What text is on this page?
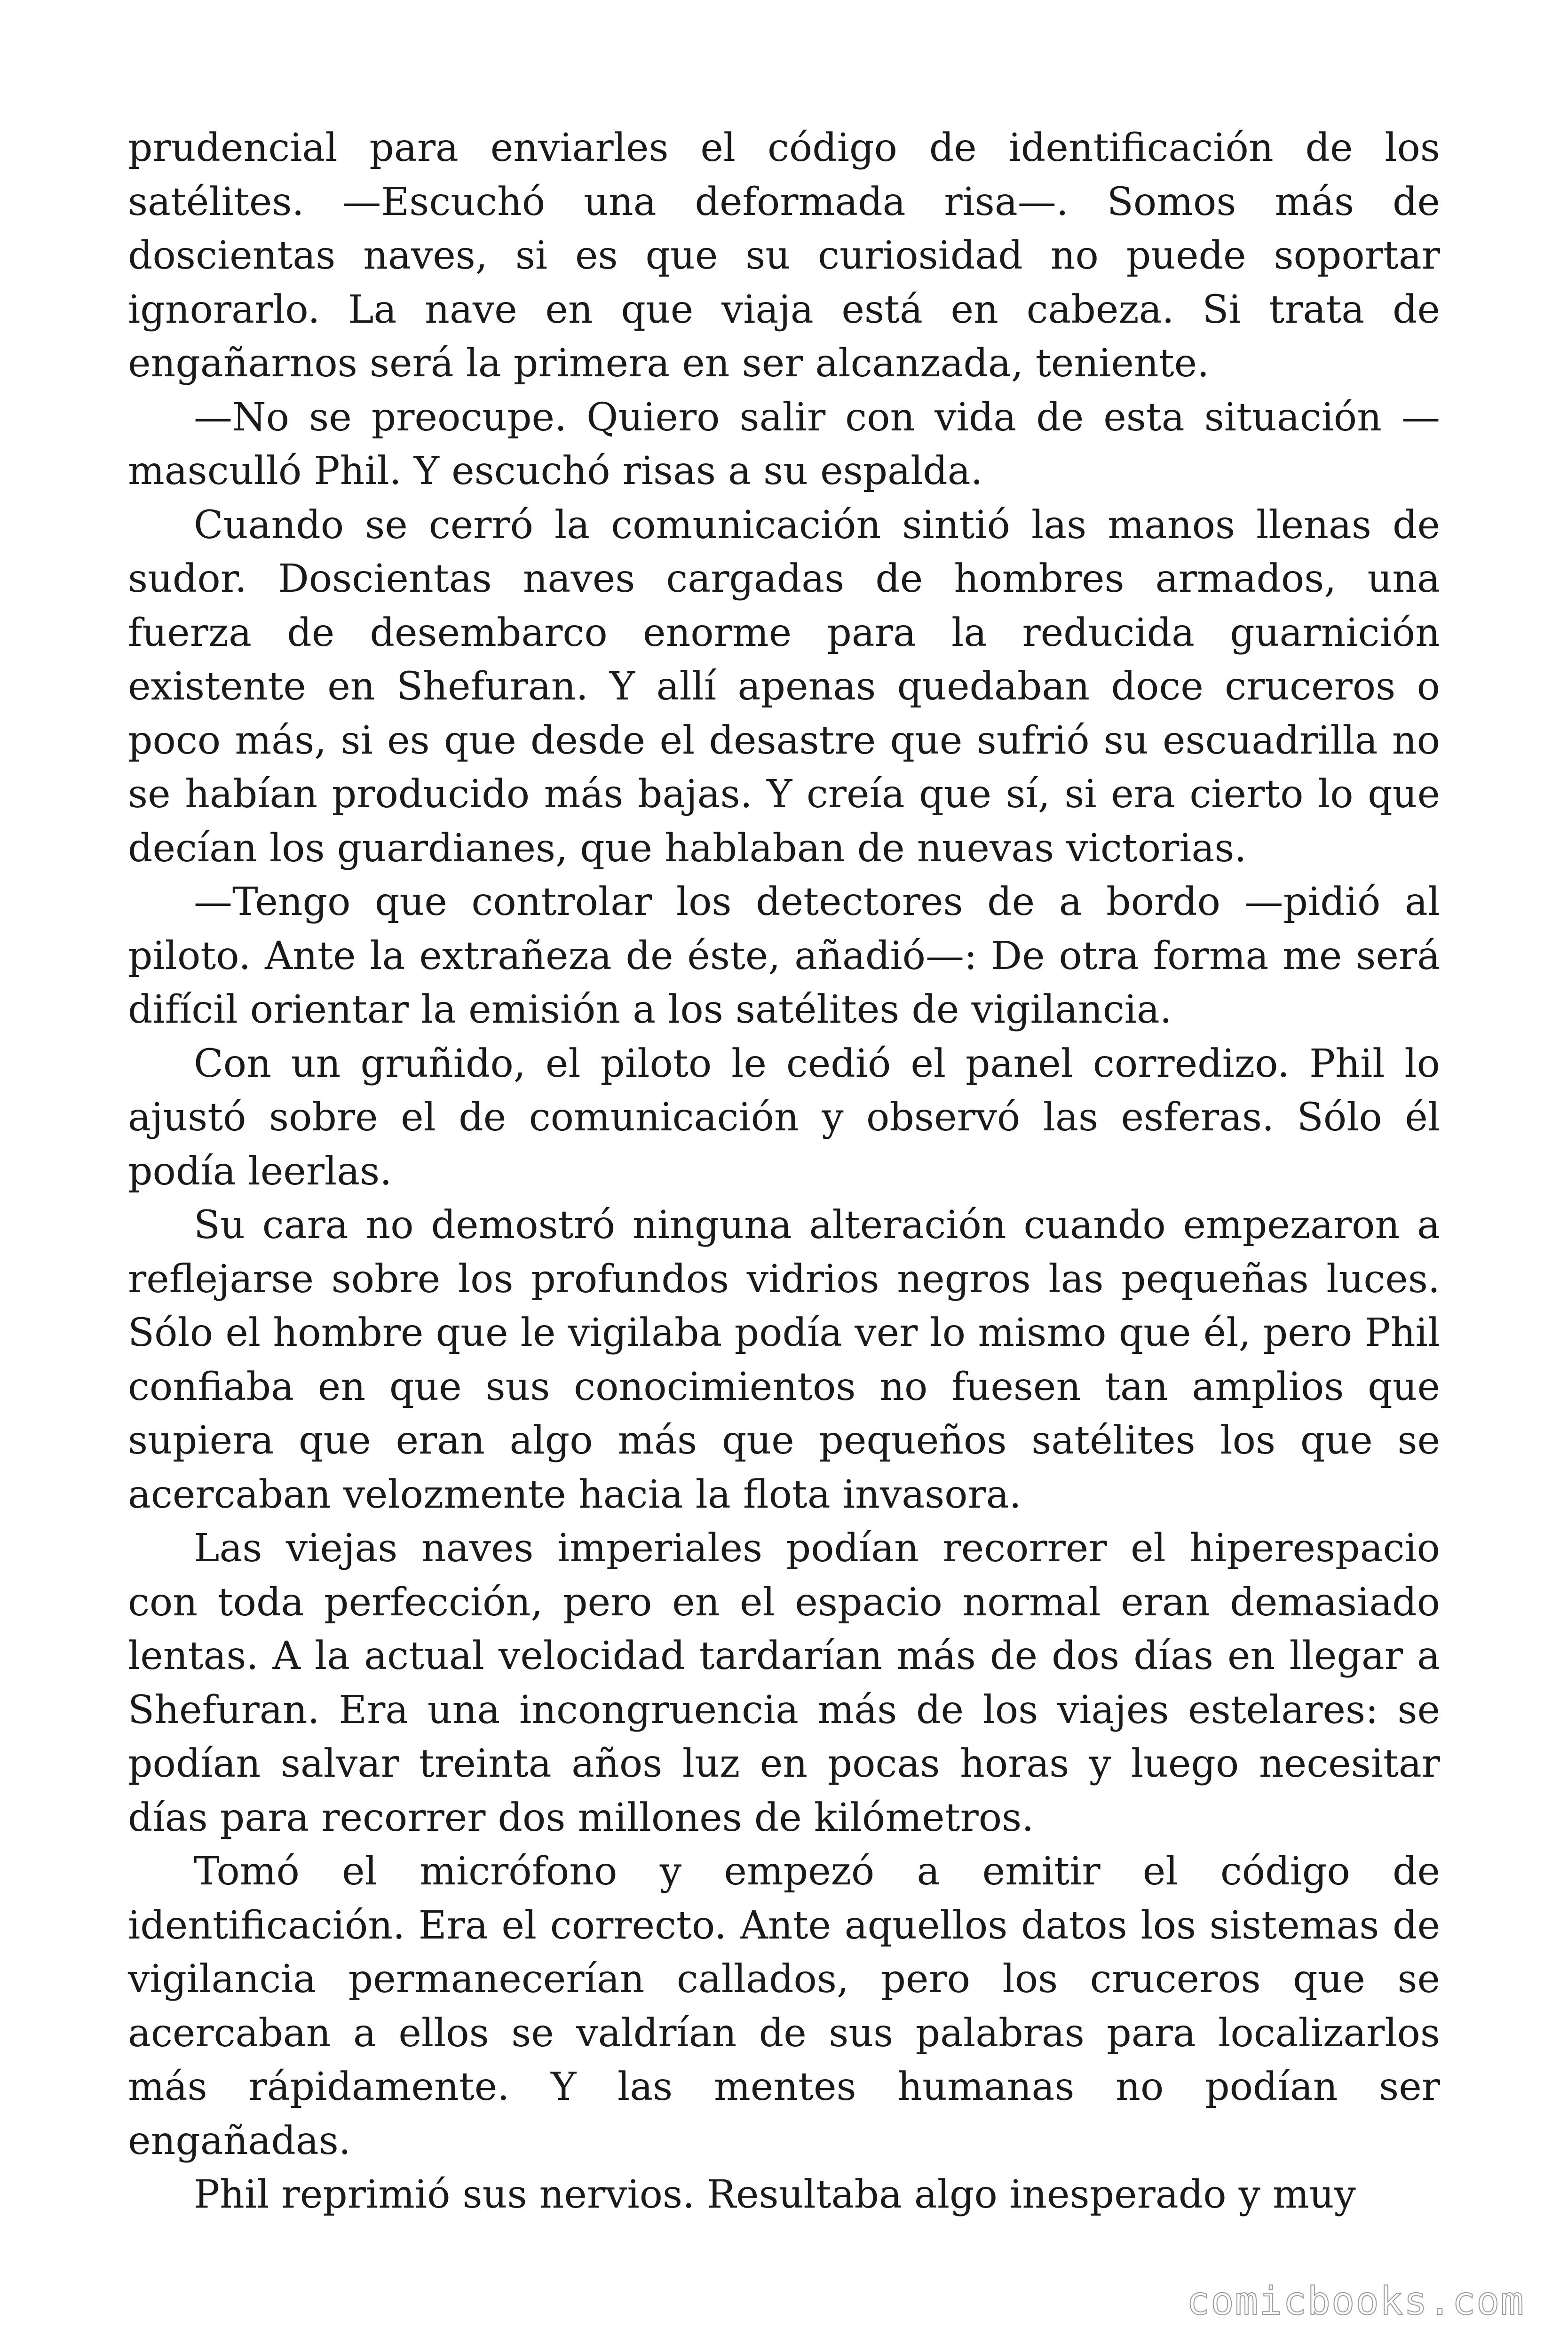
prudencial para enviarles el código de identificación de los satélites. —Escuchó una deformada risa—. Somos más de doscientas naves, si es que su curiosidad no puede soportar ignorarlo. La nave en que viaja está en cabeza. Si trata de engañarnos será la primera en ser alcanzada, teniente.

—No se preocupe. Quiero salir con vida de esta situación —masculló Phil. Y escuchó risas a su espalda.

Cuando se cerró la comunicación sintió las manos llenas de sudor. Doscientas naves cargadas de hombres armados, una fuerza de desembarco enorme para la reducida guarnición existente en Shefuran. Y allí apenas quedaban doce cruceros o poco más, si es que desde el desastre que sufrió su escuadrilla no se habían producido más bajas. Y creía que sí, si era cierto lo que decían los guardianes, que hablaban de nuevas victorias.

—Tengo que controlar los detectores de a bordo —pidió al piloto. Ante la extrañeza de éste, añadió—: De otra forma me será difícil orientar la emisión a los satélites de vigilancia.

Con un gruñido, el piloto le cedió el panel corredizo. Phil lo ajustó sobre el de comunicación y observó las esferas. Sólo él podía leerlas.

Su cara no demostró ninguna alteración cuando empezaron a reflejarse sobre los profundos vidrios negros las pequeñas luces. Sólo el hombre que le vigilaba podía ver lo mismo que él, pero Phil confiaba en que sus conocimientos no fuesen tan amplios que supiera que eran algo más que pequeños satélites los que se acercaban velozmente hacia la flota invasora.

Las viejas naves imperiales podían recorrer el hiperespacio con toda perfección, pero en el espacio normal eran demasiado lentas. A la actual velocidad tardarían más de dos días en llegar a Shefuran. Era una incongruencia más de los viajes estelares: se podían salvar treinta años luz en pocas horas y luego necesitar días para recorrer dos millones de kilómetros.

Tomó el micrófono y empezó a emitir el código de identificación. Era el correcto. Ante aquellos datos los sistemas de vigilancia permanecerían callados, pero los cruceros que se acercaban a ellos se valdrían de sus palabras para localizarlos más rápidamente. Y las mentes humanas no podían ser engañadas.

Phil reprimió sus nervios. Resultaba algo inesperado y muy

comicbooks.com
